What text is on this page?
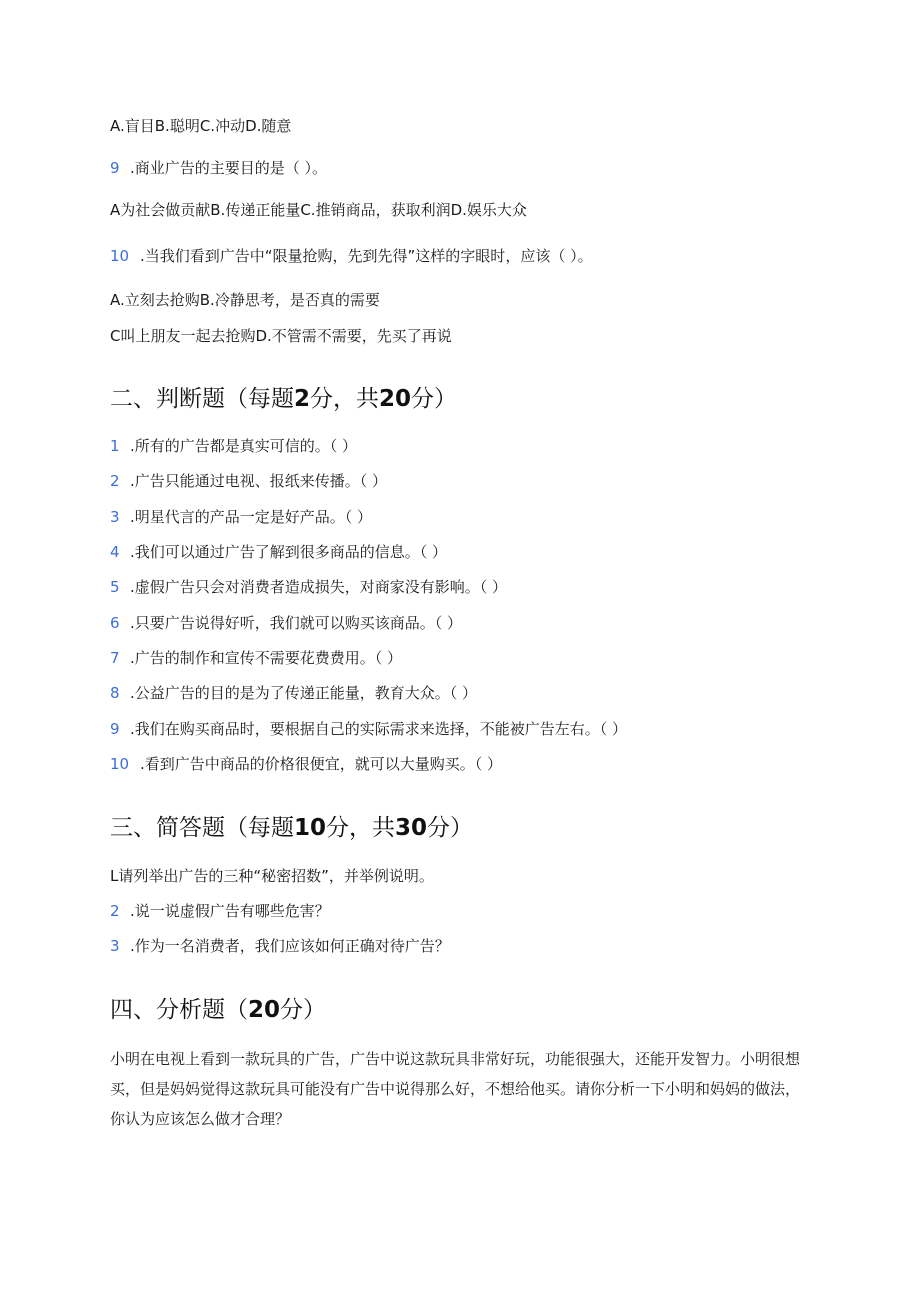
A.盲目B.聪明C.冲动D.随意
9 .商业广告的主要目的是（ ）。
A为社会做贡献B.传递正能量C.推销商品，获取利润D.娱乐大众
10 .当我们看到广告中“限量抢购，先到先得”这样的字眼时，应该（ ）。
A.立刻去抢购B.冷静思考，是否真的需要
C叫上朋友一起去抢购D.不管需不需要，先买了再说
二、判断题（每题2分，共20分）
1 .所有的广告都是真实可信的。（ ）
2 .广告只能通过电视、报纸来传播。（ ）
3 .明星代言的产品一定是好产品。（ ）
4 .我们可以通过广告了解到很多商品的信息。（ ）
5 .虚假广告只会对消费者造成损失，对商家没有影响。（ ）
6 .只要广告说得好听，我们就可以购买该商品。（ ）
7 .广告的制作和宣传不需要花费费用。（ ）
8 .公益广告的目的是为了传递正能量，教育大众。（ ）
9 .我们在购买商品时，要根据自己的实际需求来选择，不能被广告左右。（ ）
10 .看到广告中商品的价格很便宜，就可以大量购买。（ ）
三、简答题（每题10分，共30分）
L请列举出广告的三种“秘密招数”，并举例说明。
2 .说一说虚假广告有哪些危害？
3 .作为一名消费者，我们应该如何正确对待广告？
四、分析题（20分）
小明在电视上看到一款玩具的广告，广告中说这款玩具非常好玩，功能很强大，还能开发智力。小明很想买，但是妈妈觉得这款玩具可能没有广告中说得那么好，不想给他买。请你分析一下小明和妈妈的做法，你认为应该怎么做才合理？
